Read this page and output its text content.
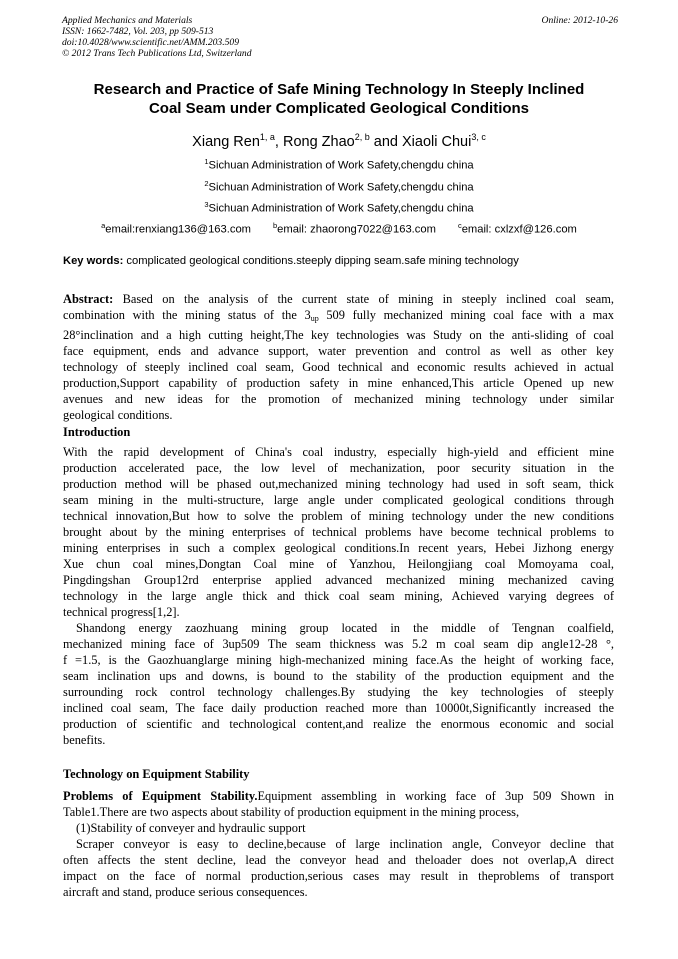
Applied Mechanics and Materials
ISSN: 1662-7482, Vol. 203, pp 509-513
doi:10.4028/www.scientific.net/AMM.203.509
© 2012 Trans Tech Publications Ltd, Switzerland
Online: 2012-10-26
Research and Practice of Safe Mining Technology In Steeply Inclined
Coal Seam under Complicated Geological Conditions
Xiang Ren$^{1, a}$, Rong Zhao$^{2, b}$ and Xiaoli Chui$^{3, c}$
$^1$Sichuan Administration of Work Safety,chengdu china
$^2$Sichuan Administration of Work Safety,chengdu china
$^3$Sichuan Administration of Work Safety,chengdu china
$^a$email:renxiang136@163.com	$^b$email: zhaorong7022@163.com	$^c$email: cxlzxf@126.com
Key words: complicated geological conditions.steeply dipping seam.safe mining technology
Abstract: Based on the analysis of the current state of mining in steeply inclined coal seam,
combination with the mining status of the $3_{up}$ 509 fully mechanized mining coal face with a max
28°inclination and a high cutting height,The key technologies was Study on the anti-sliding of coal
face equipment, ends and advance support, water prevention and control as well as other key
technology of steeply inclined coal seam, Good technical and economic results achieved in actual
production,Support capability of production safety in mine enhanced,This article Opened up new
avenues and new ideas for the promotion of mechanized mining technology under similar
geological conditions.
Introduction
With the rapid development of China's coal industry, especially high-yield and efficient mine
production accelerated pace, the low level of mechanization, poor security situation in the
production method will be phased out,mechanized mining technology had used in soft seam, thick
seam mining in the multi-structure, large angle under complicated geological conditions through
technical innovation,But how to solve the problem of mining technology under the new conditions
brought about by the mining enterprises of technical problems have become technical problems to
mining enterprises in such a complex geological conditions.In recent years, Hebei Jizhong energy
Xue chun coal mines,Dongtan Coal mine of Yanzhou, Heilongjiang coal Momoyama coal,
Pingdingshan Group12rd enterprise applied advanced mechanized mining mechanized caving
technology in the large angle thick and thick coal seam mining, Achieved varying degrees of
technical progress[1,2].
Shandong energy zaozhuang mining group located in the middle of Tengnan coalfield,
mechanized mining face of 3up509 The seam thickness was 5.2 m coal seam dip angle12-28 °,
f =1.5, is the Gaozhuanglarge mining high-mechanized mining face.As the height of working face,
seam inclination ups and downs, is bound to the stability of the production equipment and the
surrounding rock control technology challenges.By studying the key technologies of steeply
inclined coal seam, The face daily production reached more than 10000t,Significantly increased the
production of scientific and technological content,and realize the enormous economic and social
benefits.
Technology on Equipment Stability
Problems of Equipment Stability.Equipment assembling in working face of 3up 509 Shown in
Table1.There are two aspects about stability of production equipment in the mining process,
(1)Stability of conveyer and hydraulic support
Scraper conveyor is easy to decline,because of large inclination angle, Conveyor decline that
often affects the stent decline, lead the conveyor head and theloader does not overlap,A direct
impact on the face of normal production,serious cases may result in theproblems of transport
aircraft and stand, produce serious consequences.
